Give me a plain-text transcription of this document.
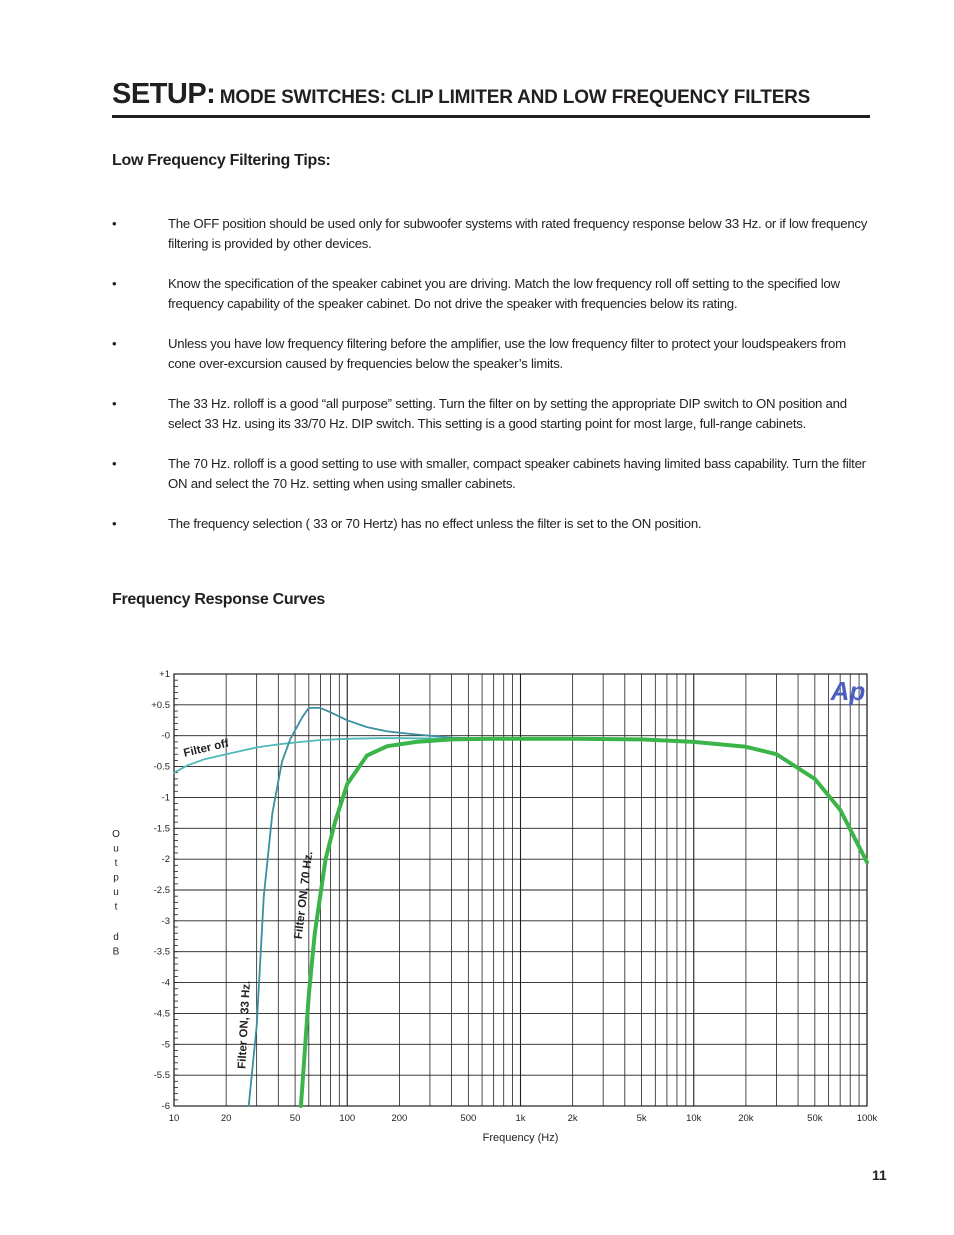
SETUP: MODE SWITCHES: CLIP LIMITER AND LOW FREQUENCY FILTERS
Low Frequency Filtering Tips:
•	The OFF position should be used only for subwoofer systems with rated frequency response below 33 Hz. or if low frequency filtering is provided by other devices.
•	Know the specification of the speaker cabinet you are driving. Match the low frequency roll off setting to the specified low frequency capability of the speaker cabinet. Do not drive the speaker with frequencies below its rating.
•	Unless you have low frequency filtering before the amplifier, use the low frequency filter to protect your loudspeakers from cone over-excursion caused by frequencies below the speaker’s limits.
•	The 33 Hz. rolloff is a good “all purpose” setting. Turn the filter on by setting the appropriate DIP switch to ON position and select 33 Hz. using its 33/70 Hz. DIP switch. This setting is a good starting point for most large, full-range cabinets.
•	The 70 Hz. rolloff is a good setting to use with smaller, compact speaker cabinets having limited bass capability. Turn the filter ON and select the 70 Hz. setting when using smaller cabinets.
•	The frequency selection ( 33 or 70 Hertz) has no effect unless the filter is set to the ON position.
Frequency Response Curves
+1
+0.5
-0
-0.5
-1
-1.5
-2
-2.5
-3
-3.5
-4
-4.5
-5
-5.5
-6
10	20	50	100	200	500	1k	2k	5k	10k	20k	50k	100k
Frequency (Hz)
O
u
t
p
u
t
d
B
Ap
Filter off
Filter ON, 33 Hz.
Filter ON, 70 Hz.
11
